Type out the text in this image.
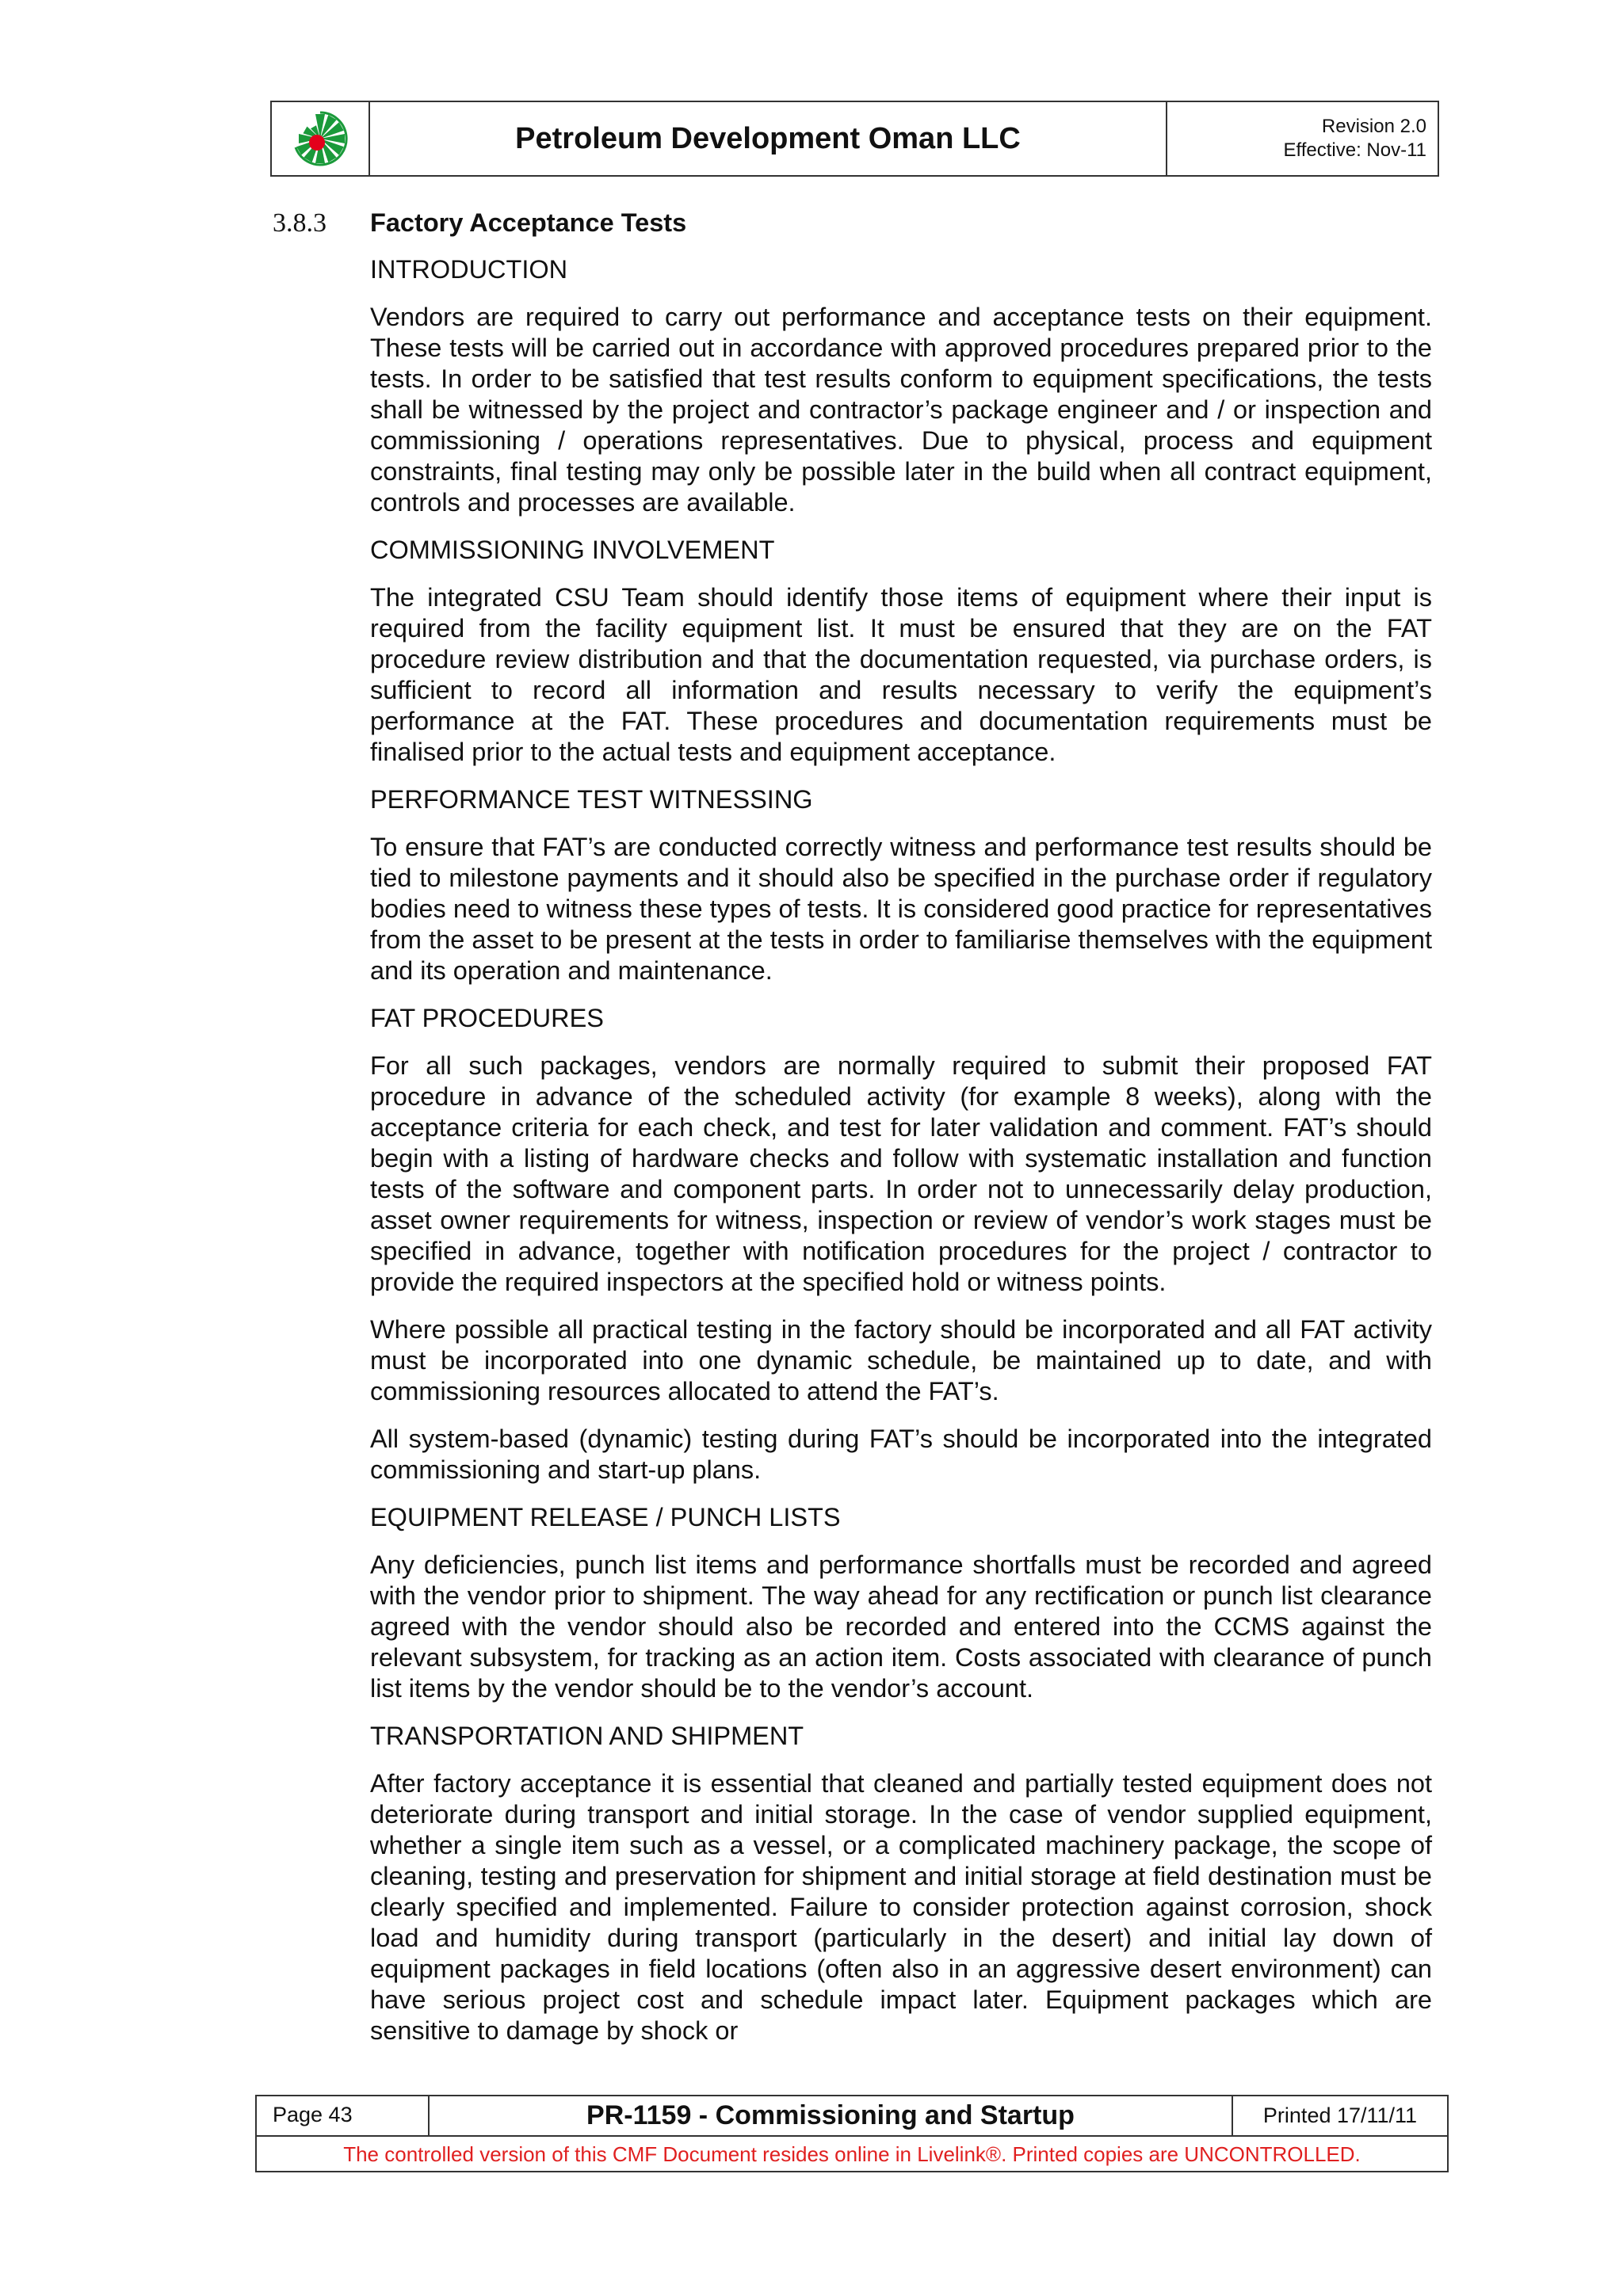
Petroleum Development Oman LLC	Revision 2.0
Effective: Nov-11
3.8.3 Factory Acceptance Tests
INTRODUCTION
Vendors are required to carry out performance and acceptance tests on their equipment. These tests will be carried out in accordance with approved procedures prepared prior to the tests. In order to be satisfied that test results conform to equipment specifications, the tests shall be witnessed by the project and contractor’s package engineer and / or inspection and commissioning / operations representatives. Due to physical, process and equipment constraints, final testing may only be possible later in the build when all contract equipment, controls and processes are available.
COMMISSIONING INVOLVEMENT
The integrated CSU Team should identify those items of equipment where their input is required from the facility equipment list. It must be ensured that they are on the FAT procedure review distribution and that the documentation requested, via purchase orders, is sufficient to record all information and results necessary to verify the equipment’s performance at the FAT. These procedures and documentation requirements must be finalised prior to the actual tests and equipment acceptance.
PERFORMANCE TEST WITNESSING
To ensure that FAT’s are conducted correctly witness and performance test results should be tied to milestone payments and it should also be specified in the purchase order if regulatory bodies need to witness these types of tests. It is considered good practice for representatives from the asset to be present at the tests in order to familiarise themselves with the equipment and its operation and maintenance.
FAT PROCEDURES
For all such packages, vendors are normally required to submit their proposed FAT procedure in advance of the scheduled activity (for example 8 weeks), along with the acceptance criteria for each check, and test for later validation and comment. FAT’s should begin with a listing of hardware checks and follow with systematic installation and function tests of the software and component parts. In order not to unnecessarily delay production, asset owner requirements for witness, inspection or review of vendor’s work stages must be specified in advance, together with notification procedures for the project / contractor to provide the required inspectors at the specified hold or witness points.
Where possible all practical testing in the factory should be incorporated and all FAT activity must be incorporated into one dynamic schedule, be maintained up to date, and with commissioning resources allocated to attend the FAT’s.
All system-based (dynamic) testing during FAT’s should be incorporated into the integrated commissioning and start-up plans.
EQUIPMENT RELEASE / PUNCH LISTS
Any deficiencies, punch list items and performance shortfalls must be recorded and agreed with the vendor prior to shipment. The way ahead for any rectification or punch list clearance agreed with the vendor should also be recorded and entered into the CCMS against the relevant subsystem, for tracking as an action item. Costs associated with clearance of punch list items by the vendor should be to the vendor’s account.
TRANSPORTATION AND SHIPMENT
After factory acceptance it is essential that cleaned and partially tested equipment does not deteriorate during transport and initial storage. In the case of vendor supplied equipment, whether a single item such as a vessel, or a complicated machinery package, the scope of cleaning, testing and preservation for shipment and initial storage at field destination must be clearly specified and implemented. Failure to consider protection against corrosion, shock load and humidity during transport (particularly in the desert) and initial lay down of equipment packages in field locations (often also in an aggressive desert environment) can have serious project cost and schedule impact later. Equipment packages which are sensitive to damage by shock or
Page 43	PR-1159 - Commissioning and Startup	Printed 17/11/11
The controlled version of this CMF Document resides online in Livelink®. Printed copies are UNCONTROLLED.
